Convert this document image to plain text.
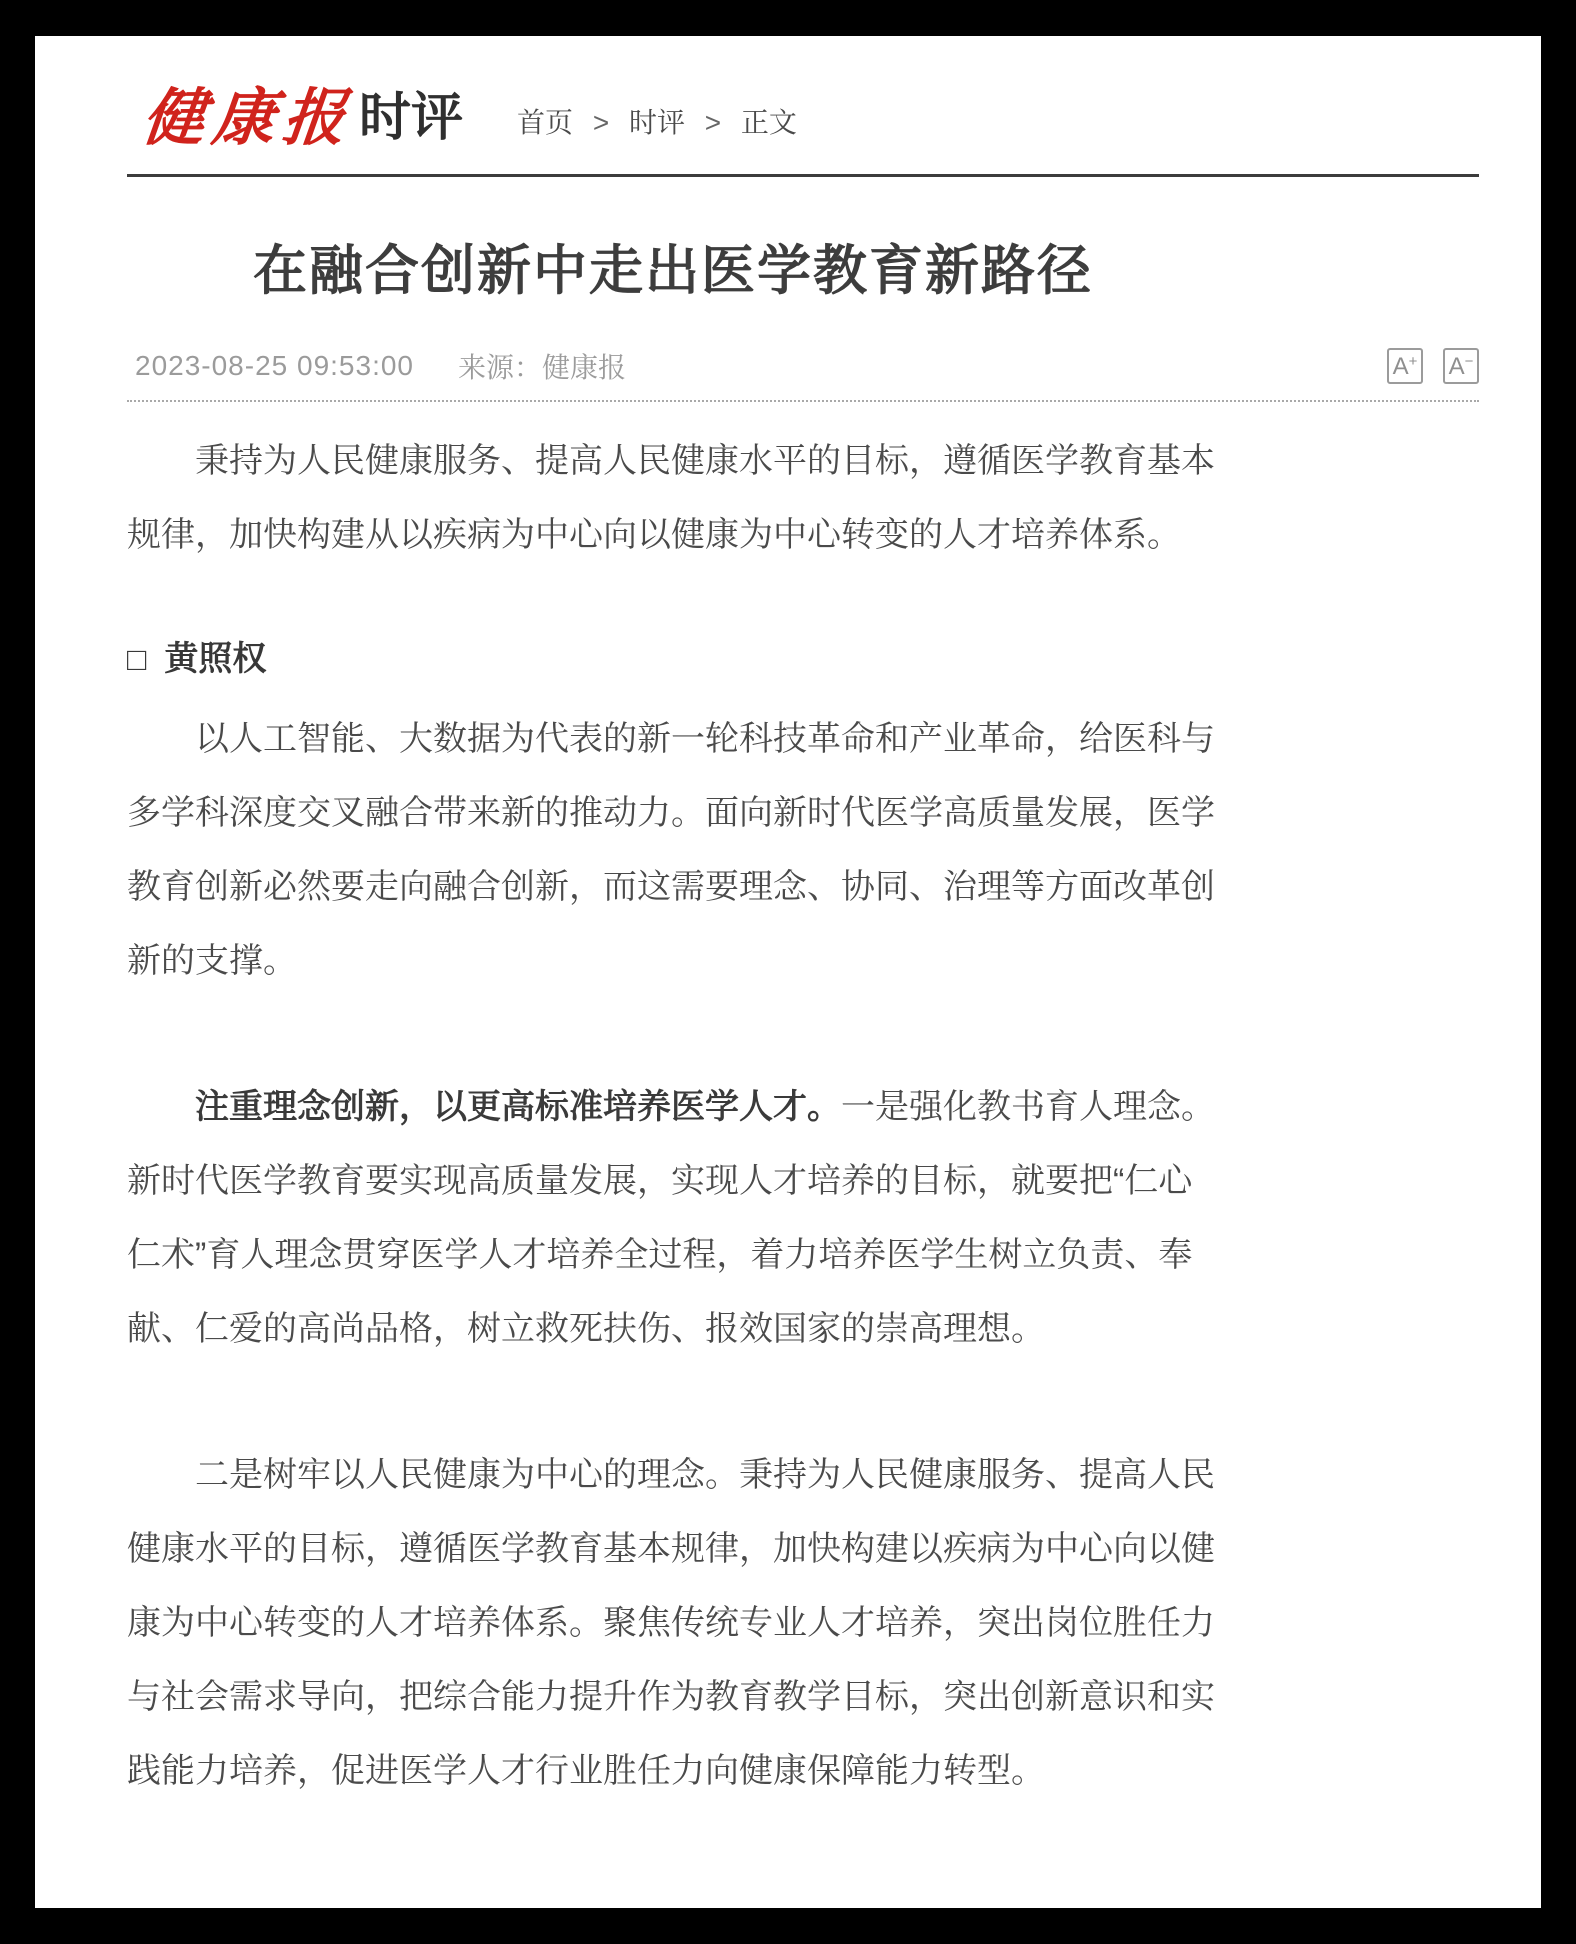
健康报 时评 首页 > 时评 > 正文
在融合创新中走出医学教育新路径
2023-08-25 09:53:00 来源：健康报	A+ A−

秉持为人民健康服务、提高人民健康水平的目标，遵循医学教育基本规律，加快构建从以疾病为中心向以健康为中心转变的人才培养体系。

□ 黄照权

以人工智能、大数据为代表的新一轮科技革命和产业革命，给医科与多学科深度交叉融合带来新的推动力。面向新时代医学高质量发展，医学教育创新必然要走向融合创新，而这需要理念、协同、治理等方面改革创新的支撑。

注重理念创新，以更高标准培养医学人才。一是强化教书育人理念。新时代医学教育要实现高质量发展，实现人才培养的目标，就要把“仁心仁术”育人理念贯穿医学人才培养全过程，着力培养医学生树立负责、奉献、仁爱的高尚品格，树立救死扶伤、报效国家的崇高理想。

二是树牢以人民健康为中心的理念。秉持为人民健康服务、提高人民健康水平的目标，遵循医学教育基本规律，加快构建以疾病为中心向以健康为中心转变的人才培养体系。聚焦传统专业人才培养，突出岗位胜任力与社会需求导向，把综合能力提升作为教育教学目标，突出创新意识和实践能力培养，促进医学人才行业胜任力向健康保障能力转型。
